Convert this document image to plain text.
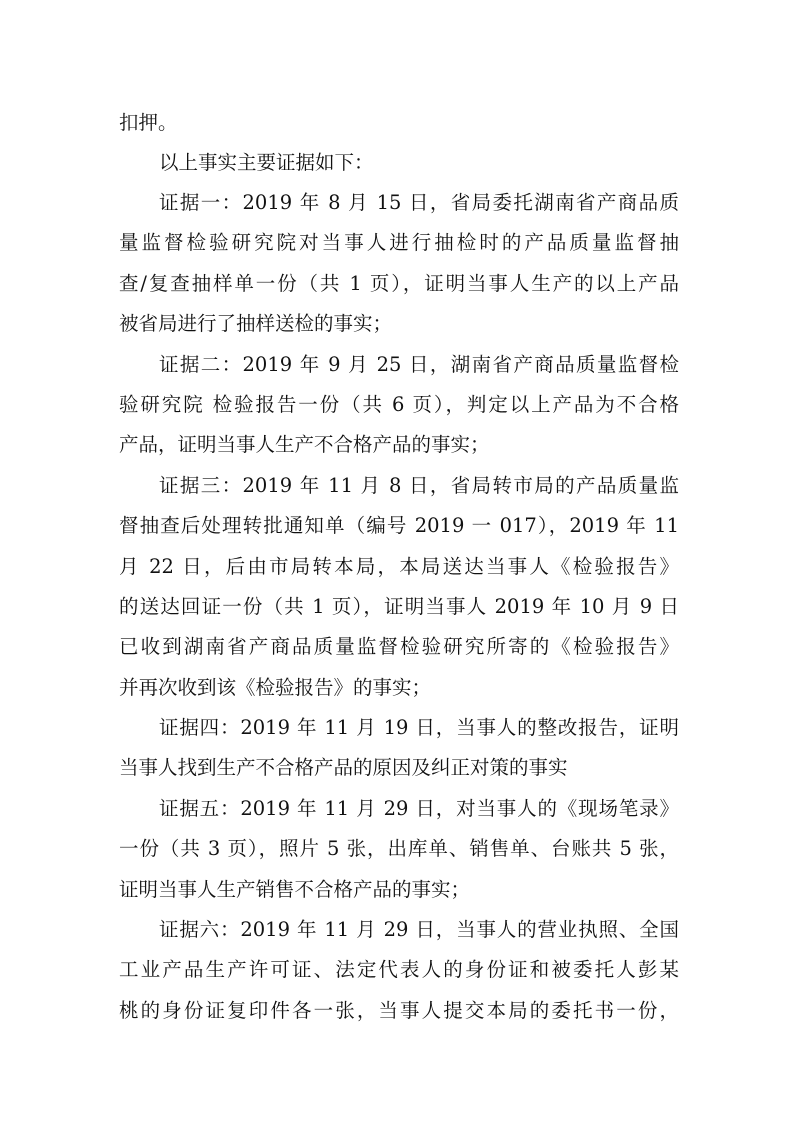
扣押。
以上事实主要证据如下：
证据一：2019 年 8 月 15 日，省局委托湖南省产商品质
量监督检验研究院对当事人进行抽检时的产品质量监督抽
查/复查抽样单一份（共 1 页），证明当事人生产的以上产品
被省局进行了抽样送检的事实；
证据二：2019 年 9 月 25 日，湖南省产商品质量监督检
验研究院 检验报告一份（共 6 页），判定以上产品为不合格
产品，证明当事人生产不合格产品的事实；
证据三：2019 年 11 月 8 日，省局转市局的产品质量监
督抽查后处理转批通知单（编号 2019 一 017），2019 年 11
月 22 日，后由市局转本局，本局送达当事人《检验报告》
的送达回证一份（共 1 页），证明当事人 2019 年 10 月 9 日
已收到湖南省产商品质量监督检验研究所寄的《检验报告》
并再次收到该《检验报告》的事实；
证据四：2019 年 11 月 19 日，当事人的整改报告，证明
当事人找到生产不合格产品的原因及纠正对策的事实
证据五：2019 年 11 月 29 日，对当事人的《现场笔录》
一份（共 3 页），照片 5 张，出库单、销售单、台账共 5 张，
证明当事人生产销售不合格产品的事实；
证据六：2019 年 11 月 29 日，当事人的营业执照、全国
工业产品生产许可证、法定代表人的身份证和被委托人彭某
桃的身份证复印件各一张，当事人提交本局的委托书一份，
